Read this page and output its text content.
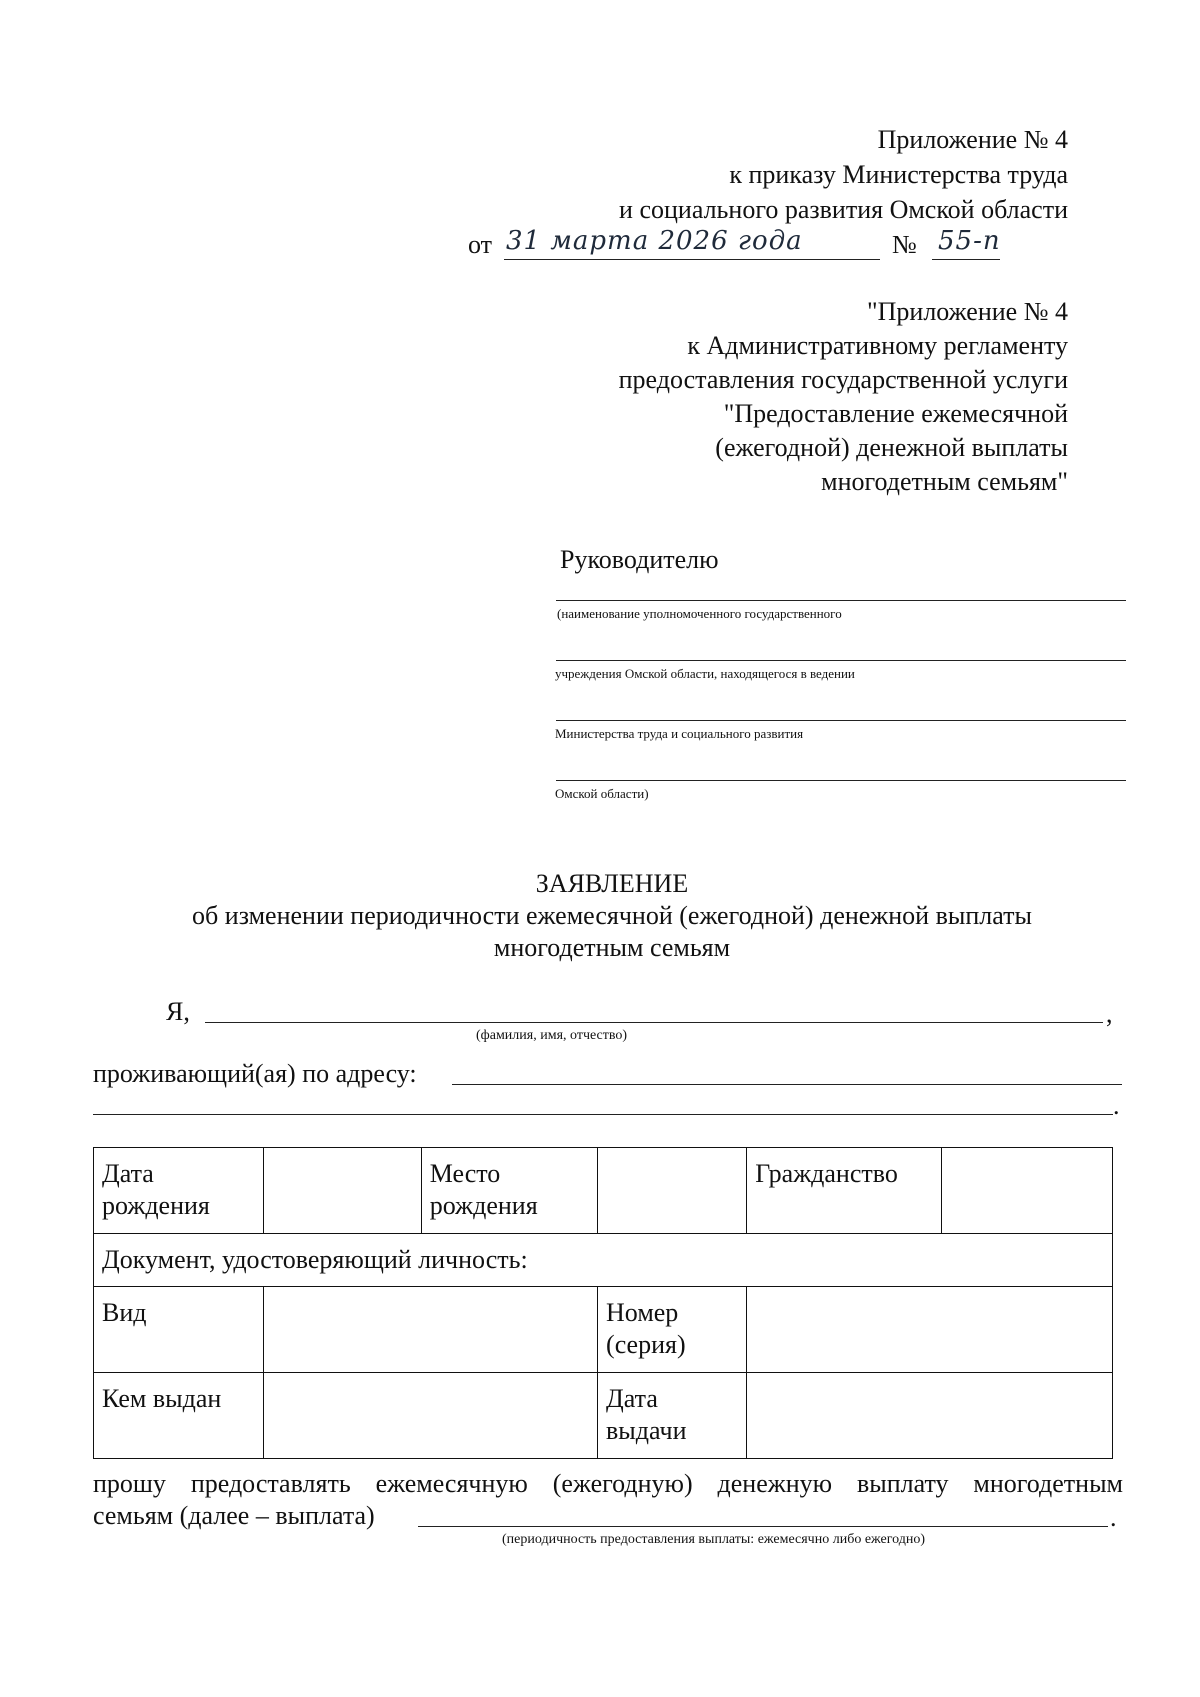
Приложение № 4
к приказу Министерства труда
и социального развития Омской области
от 31 марта 2026 года	№ 55-п
"Приложение № 4
к Административному регламенту
предоставления государственной услуги
"Предоставление ежемесячной
(ежегодной) денежной выплаты
многодетным семьям"
Руководителю
(наименование уполномоченного государственного
учреждения Омской области, находящегося в ведении
Министерства труда и социального развития
Омской области)
ЗАЯВЛЕНИЕ
об изменении периодичности ежемесячной (ежегодной) денежной выплаты
многодетным семьям
Я,	,
(фамилия, имя, отчество)
проживающий(ая) по адресу:
.
Дата рождения		Место рождения		Гражданство	
Документ, удостоверяющий личность:					
Вид			Номер (серия)		
Кем выдан			Дата выдачи		
прошу предоставлять ежемесячную (ежегодную) денежную выплату многодетным
семьям (далее – выплата)	.
(периодичность предоставления выплаты: ежемесячно либо ежегодно)
